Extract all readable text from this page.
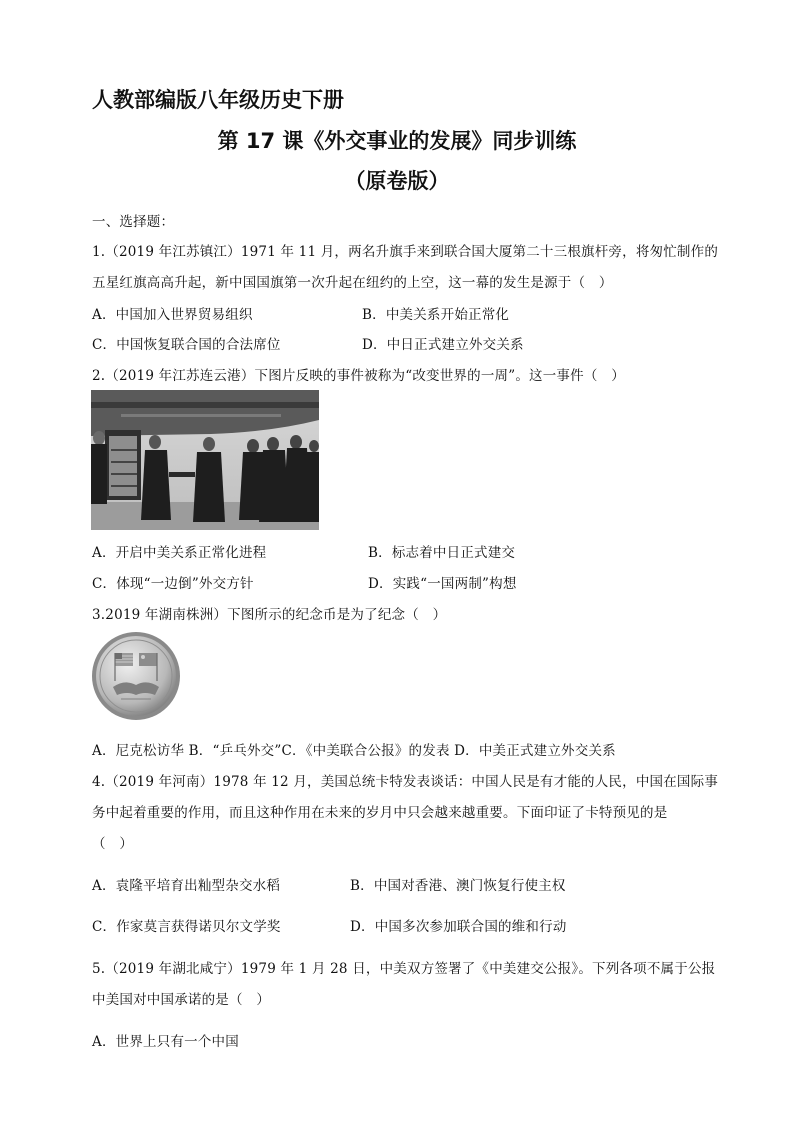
人教部编版八年级历史下册
第 17 课《外交事业的发展》同步训练
（原卷版）
一、选择题：
1.（2019 年江苏镇江）1971 年 11 月，两名升旗手来到联合国大厦第二十三根旗杆旁，将匆忙制作的
五星红旗高高升起，新中国国旗第一次升起在纽约的上空，这一幕的发生是源于（　）
A．中国加入世界贸易组织	B．中美关系开始正常化
C．中国恢复联合国的合法席位	D．中日正式建立外交关系
2.（2019 年江苏连云港）下图片反映的事件被称为“改变世界的一周”。这一事件（　）
A．开启中美关系正常化进程	B．标志着中日正式建交
C．体现“一边倒”外交方针	D．实践“一国两制”构想
3.2019 年湖南株洲）下图所示的纪念币是为了纪念（　）
A．尼克松访华 B．“乒乓外交”C．《中美联合公报》的发表 D．中美正式建立外交关系
4.（2019 年河南）1978 年 12 月，美国总统卡特发表谈话：中国人民是有才能的人民，中国在国际事
务中起着重要的作用，而且这种作用在未来的岁月中只会越来越重要。下面印证了卡特预见的是
（　）
A．袁隆平培育出籼型杂交水稻	B．中国对香港、澳门恢复行使主权
C．作家莫言获得诺贝尔文学奖	D．中国多次参加联合国的维和行动
5.（2019 年湖北咸宁）1979 年 1 月 28 日，中美双方签署了《中美建交公报》。下列各项不属于公报
中美国对中国承诺的是（　）
A．世界上只有一个中国
